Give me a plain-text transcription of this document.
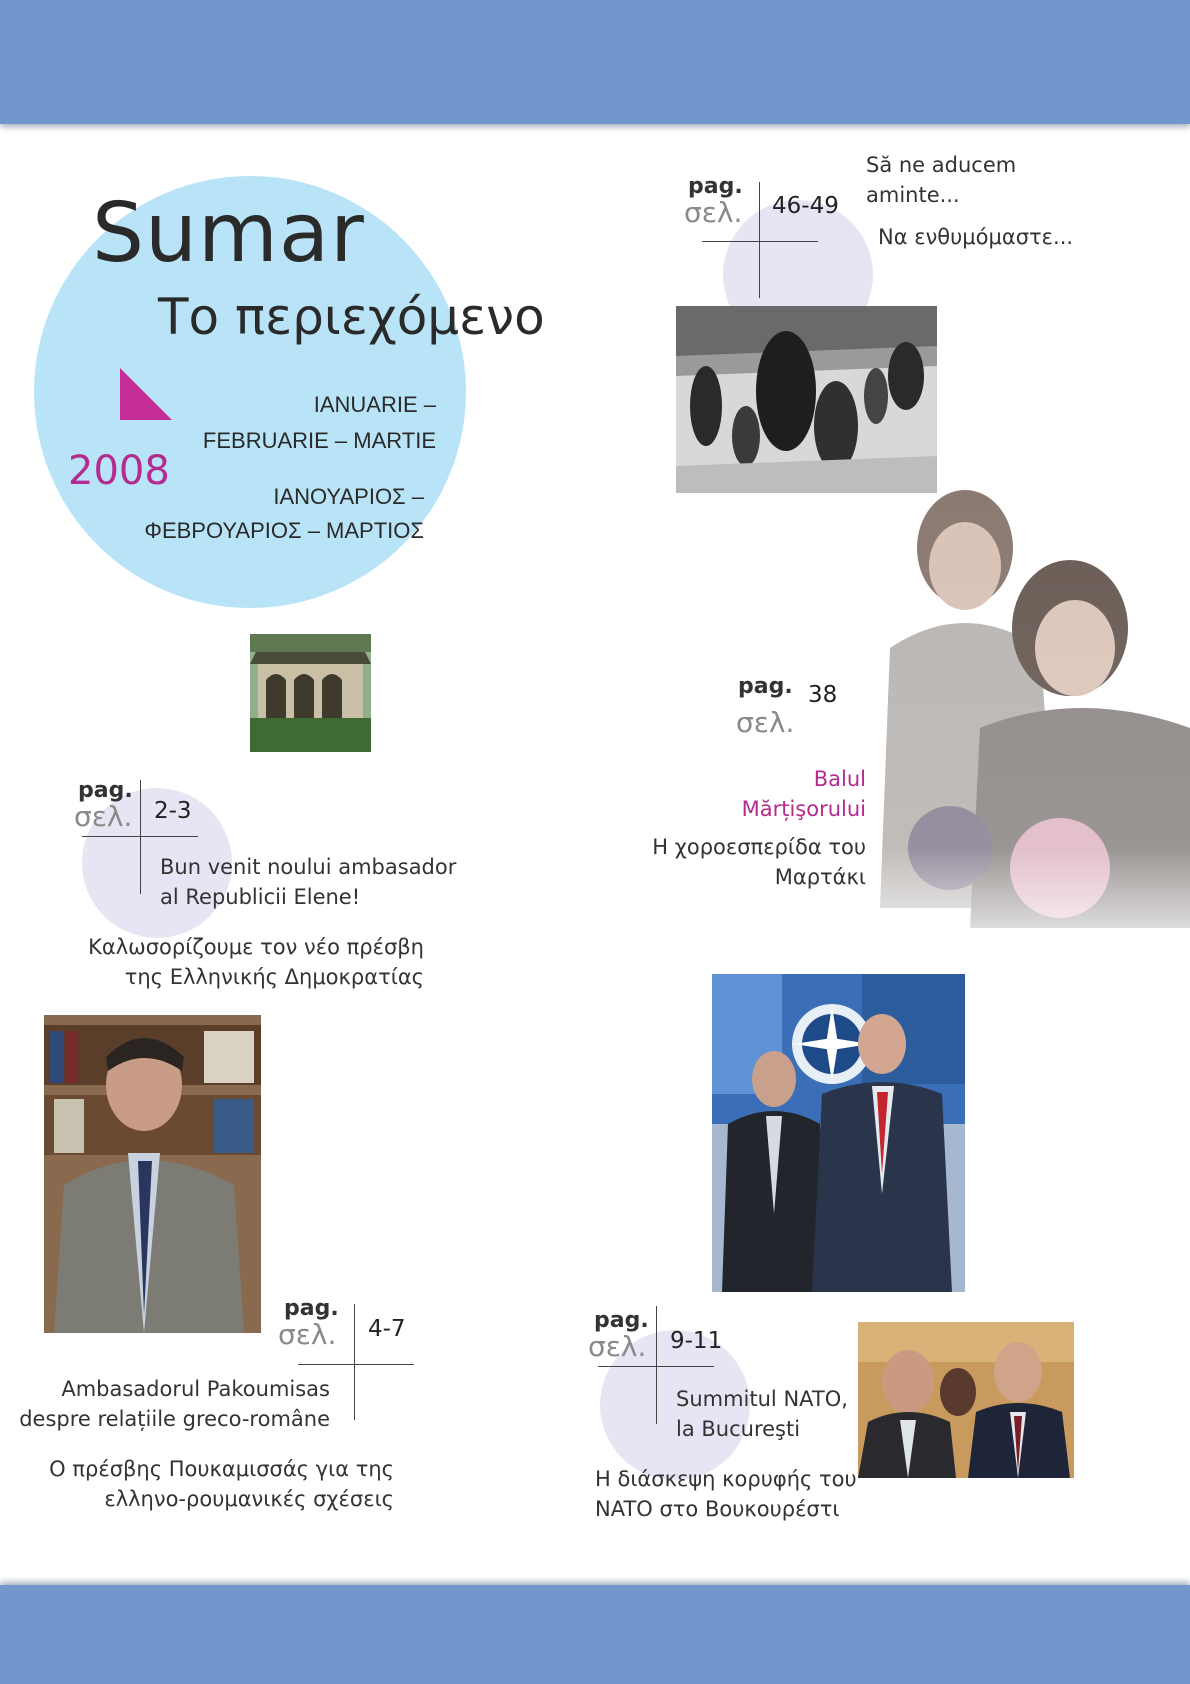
Sumar
Το περιεχόμενο
2008
IANUARIE –
FEBRUARIE – MARTIE
ΙΑΝΟΥΑΡΙΟΣ –
ΦΕΒΡΟΥΑΡΙΟΣ – ΜΑΡΤΙΟΣ
pag.
σελ. 46-49
Să ne aducem
aminte...
Να ενθυμόμαστε...
pag.
σελ.
38
Balul
Mărțişorului
Η χοροεσπερίδα του
Μαρτάκι
pag.
σελ. 2-3
Bun venit noului ambasador
al Republicii Elene!
Καλωσορίζουμε τον νέο πρέσβη
της Ελληνικής Δημοκρατίας
pag.
σελ. 4-7
Ambasadorul Pakoumisas
despre relațiile greco-române
Ο πρέσβης Πουκαμισσάς για της
ελληνο-ρουμανικές σχέσεις
pag.
σελ. 9-11
Summitul NATO,
la Bucureşti
Η διάσκεψη κορυφής του
NATO στο Βουκουρέστι
